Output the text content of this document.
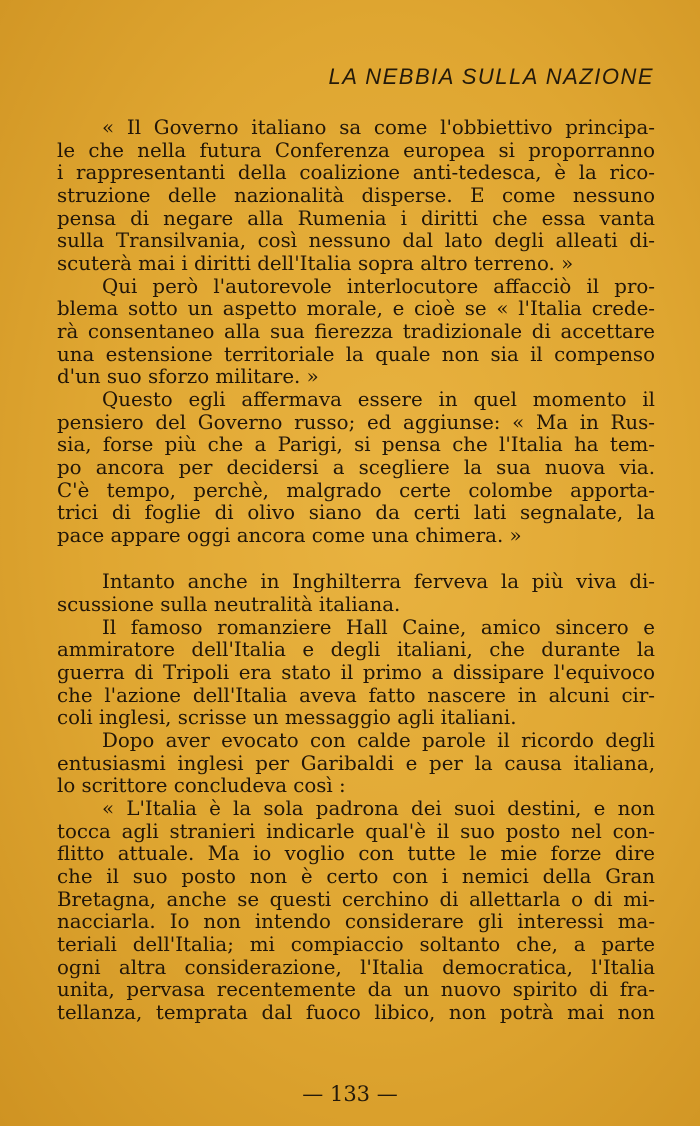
LA NEBBIA SULLA NAZIONE
« Il Governo italiano sa come l'obbiettivo principa-
le che nella futura Conferenza europea si proporranno
i rappresentanti della coalizione anti-tedesca, è la rico-
struzione delle nazionalità disperse. E come nessuno
pensa di negare alla Rumenia i diritti che essa vanta
sulla Transilvania, così nessuno dal lato degli alleati di-
scuterà mai i diritti dell'Italia sopra altro terreno. »
Qui però l'autorevole interlocutore affacciò il pro-
blema sotto un aspetto morale, e cioè se « l'Italia crede-
rà consentaneo alla sua fierezza tradizionale di accettare
una estensione territoriale la quale non sia il compenso
d'un suo sforzo militare. »
Questo egli affermava essere in quel momento il
pensiero del Governo russo; ed aggiunse: « Ma in Rus-
sia, forse più che a Parigi, si pensa che l'Italia ha tem-
po ancora per decidersi a scegliere la sua nuova via.
C'è tempo, perchè, malgrado certe colombe apporta-
trici di foglie di olivo siano da certi lati segnalate, la
pace appare oggi ancora come una chimera. »
Intanto anche in Inghilterra ferveva la più viva di-
scussione sulla neutralità italiana.
Il famoso romanziere Hall Caine, amico sincero e
ammiratore dell'Italia e degli italiani, che durante la
guerra di Tripoli era stato il primo a dissipare l'equivoco
che l'azione dell'Italia aveva fatto nascere in alcuni cir-
coli inglesi, scrisse un messaggio agli italiani.
Dopo aver evocato con calde parole il ricordo degli
entusiasmi inglesi per Garibaldi e per la causa italiana,
lo scrittore concludeva così :
« L'Italia è la sola padrona dei suoi destini, e non
tocca agli stranieri indicarle qual'è il suo posto nel con-
flitto attuale. Ma io voglio con tutte le mie forze dire
che il suo posto non è certo con i nemici della Gran
Bretagna, anche se questi cerchino di allettarla o di mi-
nacciarla. Io non intendo considerare gli interessi ma-
teriali dell'Italia; mi compiaccio soltanto che, a parte
ogni altra considerazione, l'Italia democratica, l'Italia
unita, pervasa recentemente da un nuovo spirito di fra-
tellanza, temprata dal fuoco libico, non potrà mai non
— 133 —
